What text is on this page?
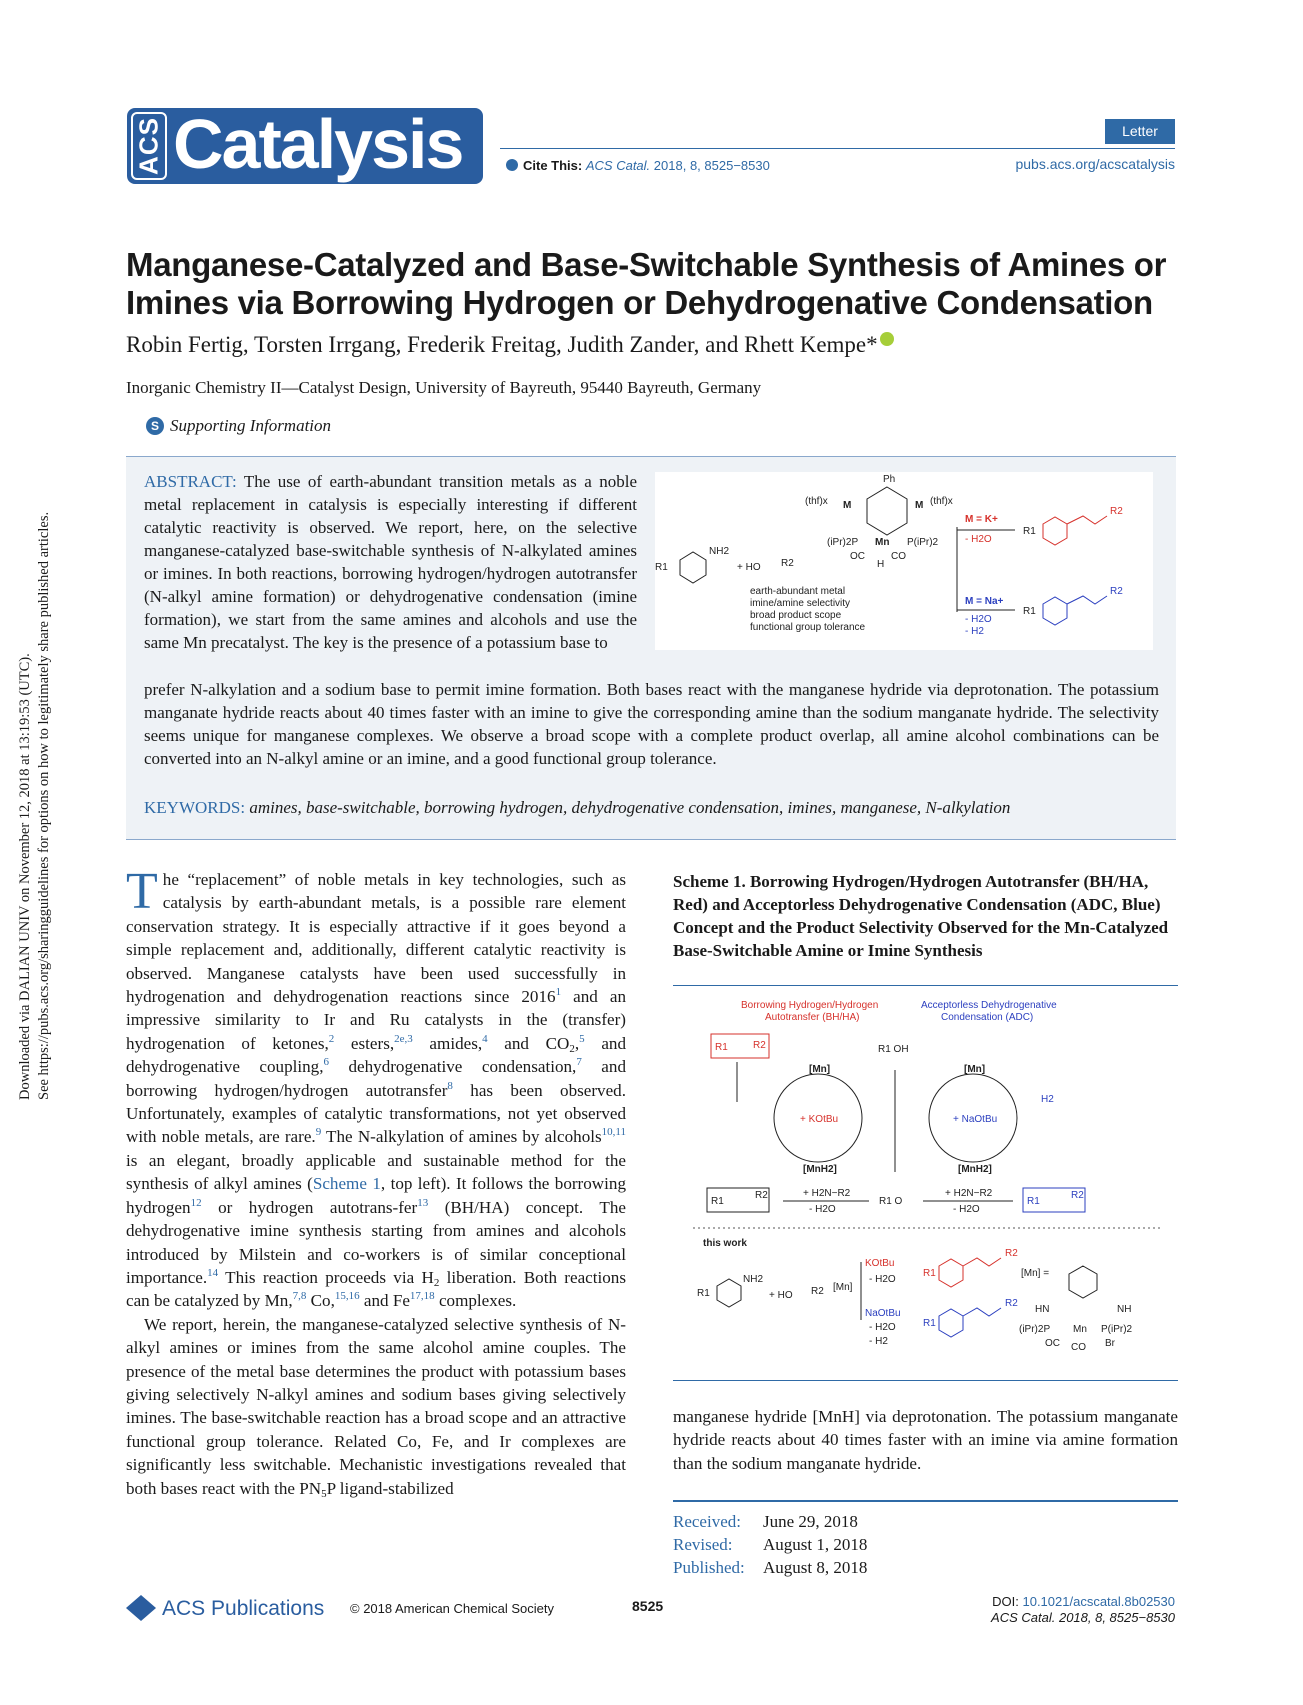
ACS Catalysis	Letter
Cite This: ACS Catal. 2018, 8, 8525−8530	pubs.acs.org/acscatalysis
Downloaded via DALIAN UNIV on November 12, 2018 at 13:19:53 (UTC). See https://pubs.acs.org/sharingguidelines for options on how to legitimately share published articles.
Manganese-Catalyzed and Base-Switchable Synthesis of Amines or Imines via Borrowing Hydrogen or Dehydrogenative Condensation
Robin Fertig, Torsten Irrgang, Frederik Freitag, Judith Zander, and Rhett Kempe*
Inorganic Chemistry II—Catalyst Design, University of Bayreuth, 95440 Bayreuth, Germany
S Supporting Information
ABSTRACT: The use of earth-abundant transition metals as a noble metal replacement in catalysis is especially interesting if different catalytic reactivity is observed. We report, here, on the selective manganese-catalyzed base-switchable synthesis of N-alkylated amines or imines. In both reactions, borrowing hydrogen/hydrogen autotransfer (N-alkyl amine formation) or dehydrogenative condensation (imine formation), we start from the same amines and alcohols and use the same Mn precatalyst. The key is the presence of a potassium base to
prefer N-alkylation and a sodium base to permit imine formation. Both bases react with the manganese hydride via deprotonation. The potassium manganate hydride reacts about 40 times faster with an imine to give the corresponding amine than the sodium manganate hydride. The selectivity seems unique for manganese complexes. We observe a broad scope with a complete product overlap, all amine alcohol combinations can be converted into an N-alkyl amine or an imine, and a good functional group tolerance.
KEYWORDS: amines, base-switchable, borrowing hydrogen, dehydrogenative condensation, imines, manganese, N-alkylation
Ph
(thf)x M	M (thf)x
(iPr)2P Mn P(iPr)2
OC	CO
H
R1
NH2
+ HO R2
earth-abundant metal
imine/amine selectivity
broad product scope
functional group tolerance
M = K+
- H2O
M = Na+
- H2O
- H2
R1
R2
R1
R2

The “replacement” of noble metals in key technologies, such as catalysis by earth-abundant metals, is a possible rare element conservation strategy. It is especially attractive if it goes beyond a simple replacement and, additionally, different catalytic reactivity is observed. Manganese catalysts have been used successfully in hydrogenation and dehydrogenation reactions since 2016$^1$ and an impressive similarity to Ir and Ru catalysts in the (transfer) hydrogenation of ketones,$^2$ esters,$^{2e,3}$ amides,$^4$ and $CO_2,^5$ and dehydrogenative coupling,$^6$ dehydrogenative condensation,$^7$ and borrowing hydrogen/hydrogen autotransfer$^8$ has been observed. Unfortunately, examples of catalytic transformations, not yet observed with noble metals, are rare.$^9$ The N-alkylation of amines by alcohols$^{10,11}$ is an elegant, broadly applicable and sustainable method for the synthesis of alkyl amines (Scheme 1, top left). It follows the borrowing hydrogen$^{12}$ or hydrogen autotrans-fer$^{13}$ (BH/HA) concept. The dehydrogenative imine synthesis starting from amines and alcohols introduced by Milstein and co-workers is of similar conceptional importance.$^{14}$ This reaction proceeds via $H_2$ liberation. Both reactions can be catalyzed by Mn,$^{7,8}$ Co,$^{15,16}$ and Fe$^{17,18}$ complexes.

We report, herein, the manganese-catalyzed selective synthesis of N-alkyl amines or imines from the same alcohol amine couples. The presence of the metal base determines the product with potassium bases giving selectively N-alkyl amines and sodium bases giving selectively imines. The base-switchable reaction has a broad scope and an attractive functional group tolerance. Related Co, Fe, and Ir complexes are significantly less switchable. Mechanistic investigations revealed that both bases react with the $PN_5P$ ligand-stabilized

Scheme 1. Borrowing Hydrogen/Hydrogen Autotransfer (BH/HA, Red) and Acceptorless Dehydrogenative Condensation (ADC, Blue) Concept and the Product Selectivity Observed for the Mn-Catalyzed Base-Switchable Amine or Imine Synthesis
Borrowing Hydrogen/Hydrogen
Autotransfer (BH/HA)
Acceptorless Dehydrogenative
Condensation (ADC)
R1	R2	R1 OH
[Mn]
[MnH2]
[Mn]
[MnH2]
+ KOtBu	+ NaOtBu
H2
R1
R2
R1 O
+ H2N−R2
- H2O
+ H2N−R2
- H2O
R1
R2
this work
R1
NH2
+ HO R2 [Mn]
KOtBu
- H2O
NaOtBu
- H2O
- H2
R1
R2
R1
R2
[Mn] =
HN	NH
(iPr)2P Mn P(iPr)2
OC CO Br
manganese hydride [MnH] via deprotonation. The potassium manganate hydride reacts about 40 times faster with an imine via amine formation than the sodium manganate hydride.
Received: June 29, 2018
Revised: August 1, 2018
Published: August 8, 2018
ACS Publications © 2018 American Chemical Society	8525	DOI: 10.1021/acscatal.8b02530
ACS Catal. 2018, 8, 8525−8530
